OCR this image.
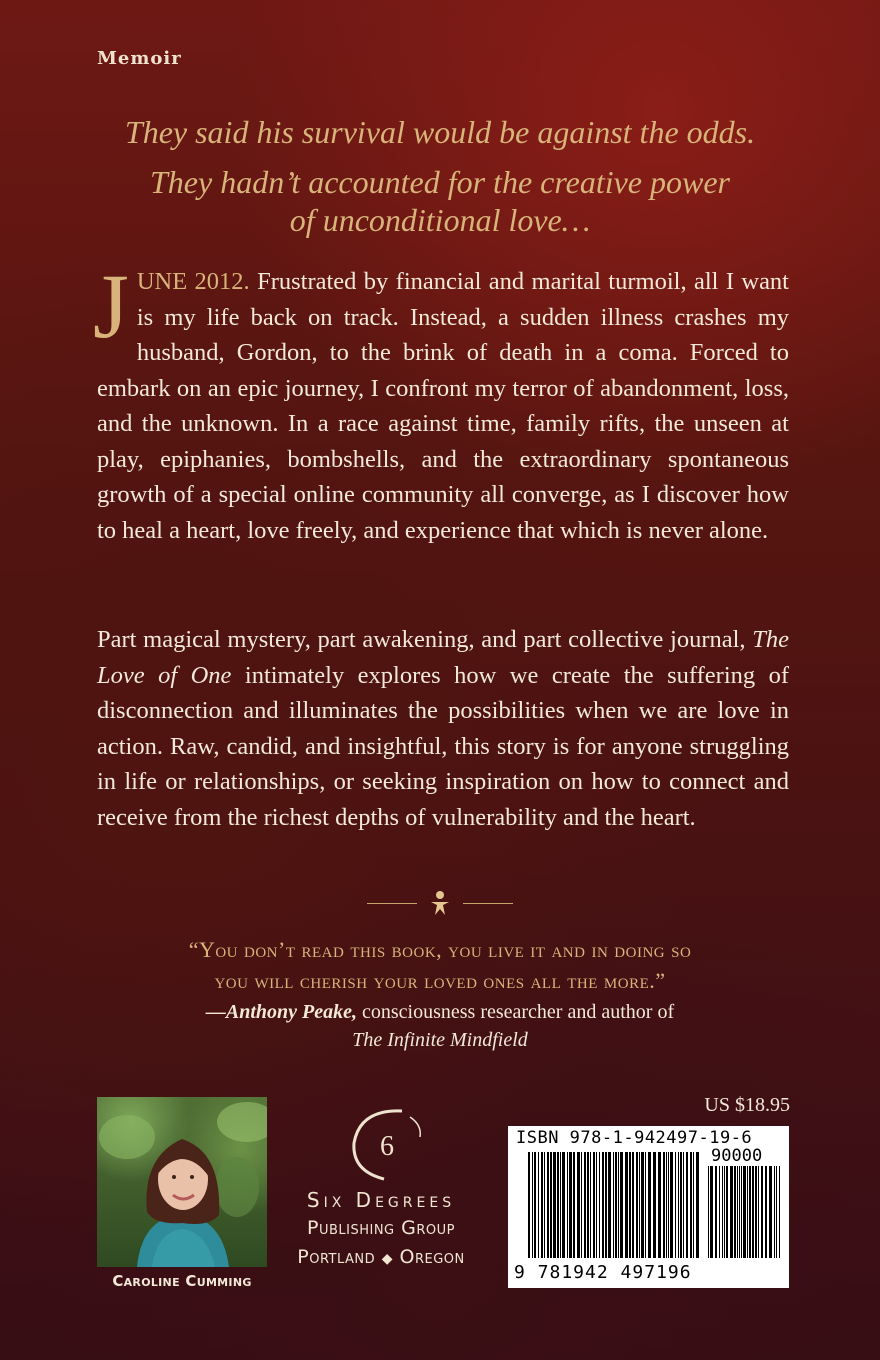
Memoir
They said his survival would be against the odds.
They hadn’t accounted for the creative power
of unconditional love…
JUNE 2012. Frustrated by financial and marital turmoil, all I want is my life back on track. Instead, a sudden illness crashes my husband, Gordon, to the brink of death in a coma. Forced to embark on an epic journey, I confront my terror of abandonment, loss, and the unknown. In a race against time, family rifts, the unseen at play, epiphanies, bombshells, and the extraordinary spontaneous growth of a special online community all converge, as I discover how to heal a heart, love freely, and experience that which is never alone.
Part magical mystery, part awakening, and part collective journal, The Love of One intimately explores how we create the suffering of disconnection and illuminates the possibilities when we are love in action. Raw, candid, and insightful, this story is for anyone struggling in life or relationships, or seeking inspiration on how to connect and receive from the richest depths of vulnerability and the heart.
“You don’t read this book, you live it and in doing so
you will cherish your loved ones all the more.”
—Anthony Peake, consciousness researcher and author of
The Infinite Mindfield
Caroline Cumming
6
Six Degrees
Publishing Group
Portland ◆ Oregon
US $18.95
ISBN 978-1-942497-19-6
90000
9 781942 497196
